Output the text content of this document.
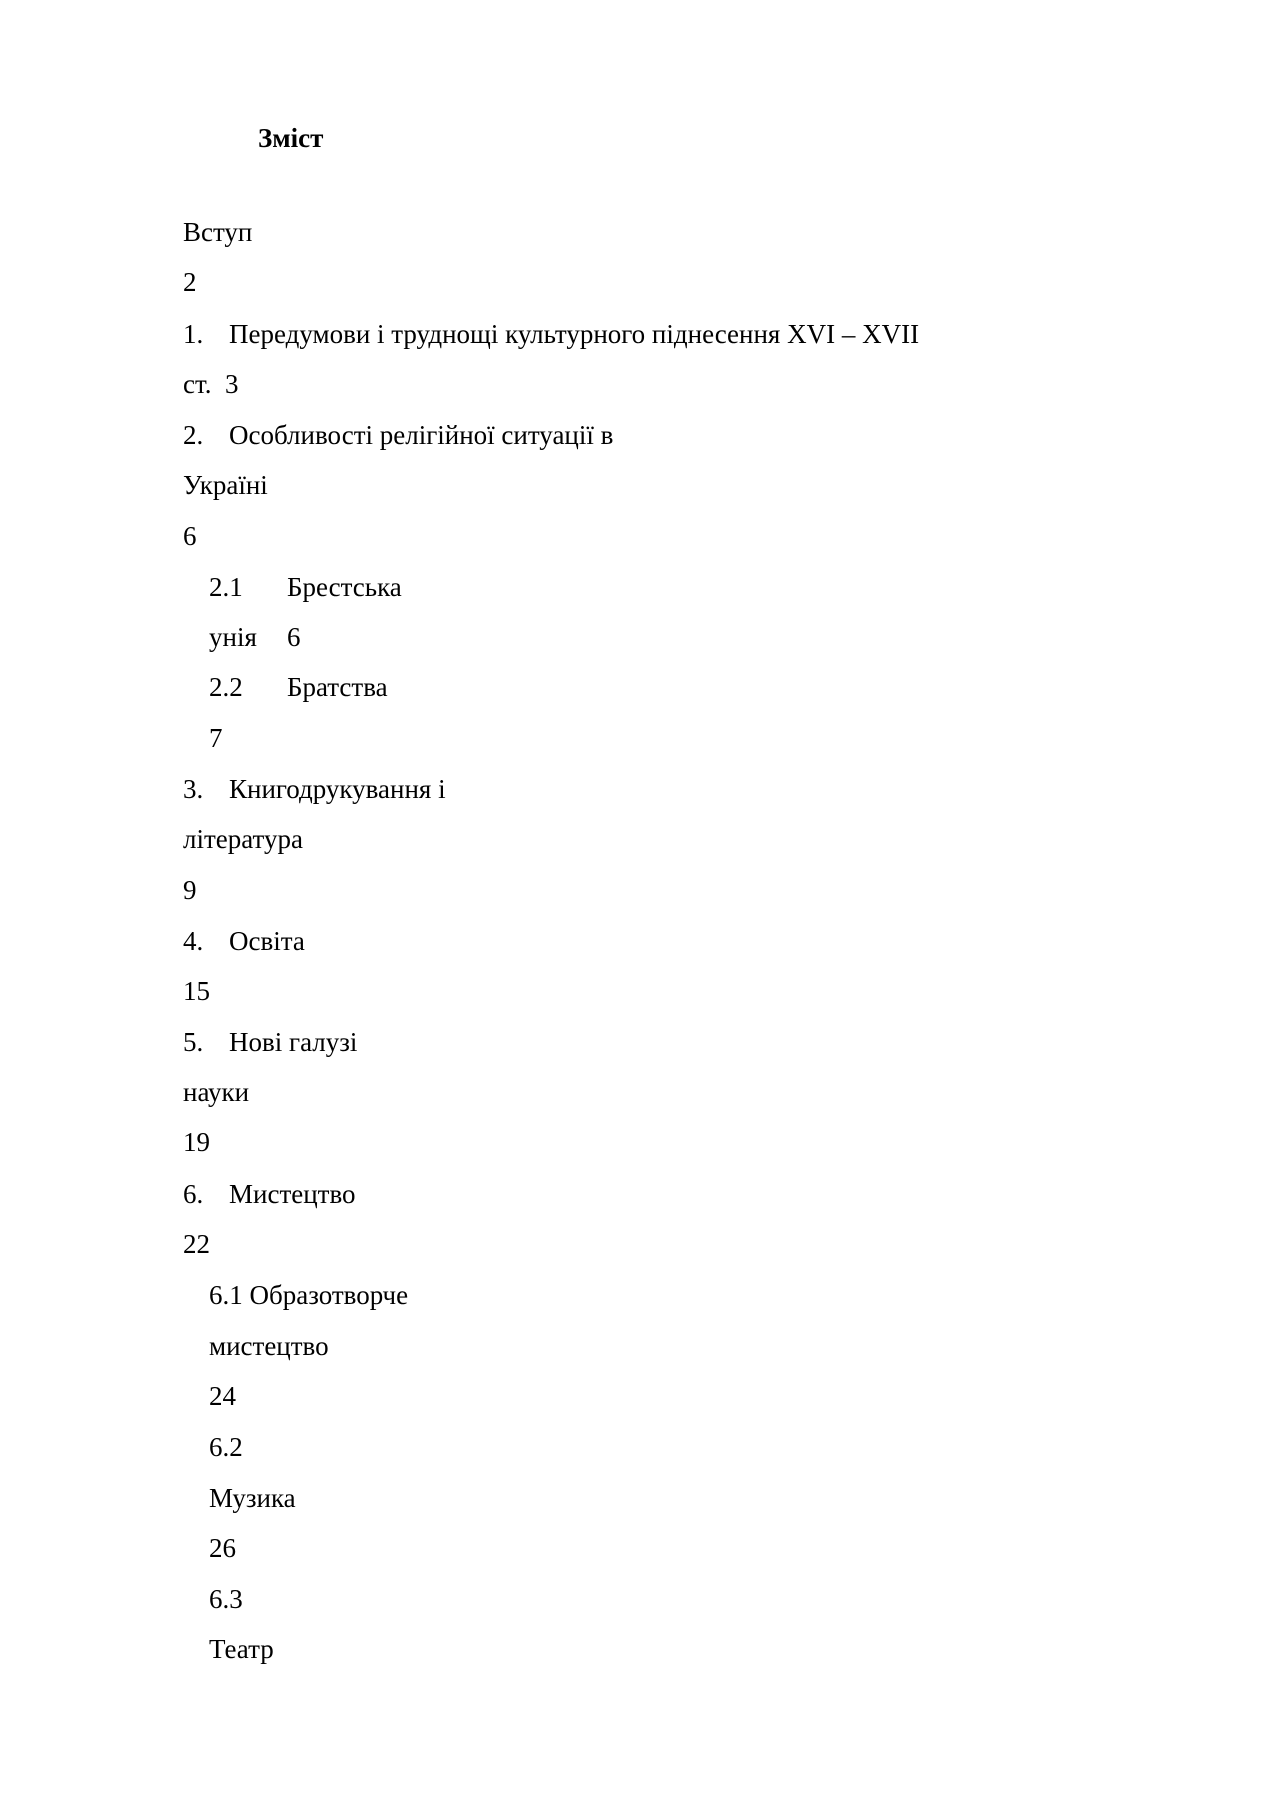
Зміст
Вступ
2
1. Передумови і труднощі культурного піднесення XVI – XVII
ст. 3
2. Особливості релігійної ситуації в
Україні
6
2.1 Брестська
унія 6
2.2 Братства
7
3. Книгодрукування і
література
9
4. Освіта
15
5. Нові галузі
науки
19
6. Мистецтво
22
6.1 Образотворче
мистецтво
24
6.2
Музика
26
6.3
Театр
